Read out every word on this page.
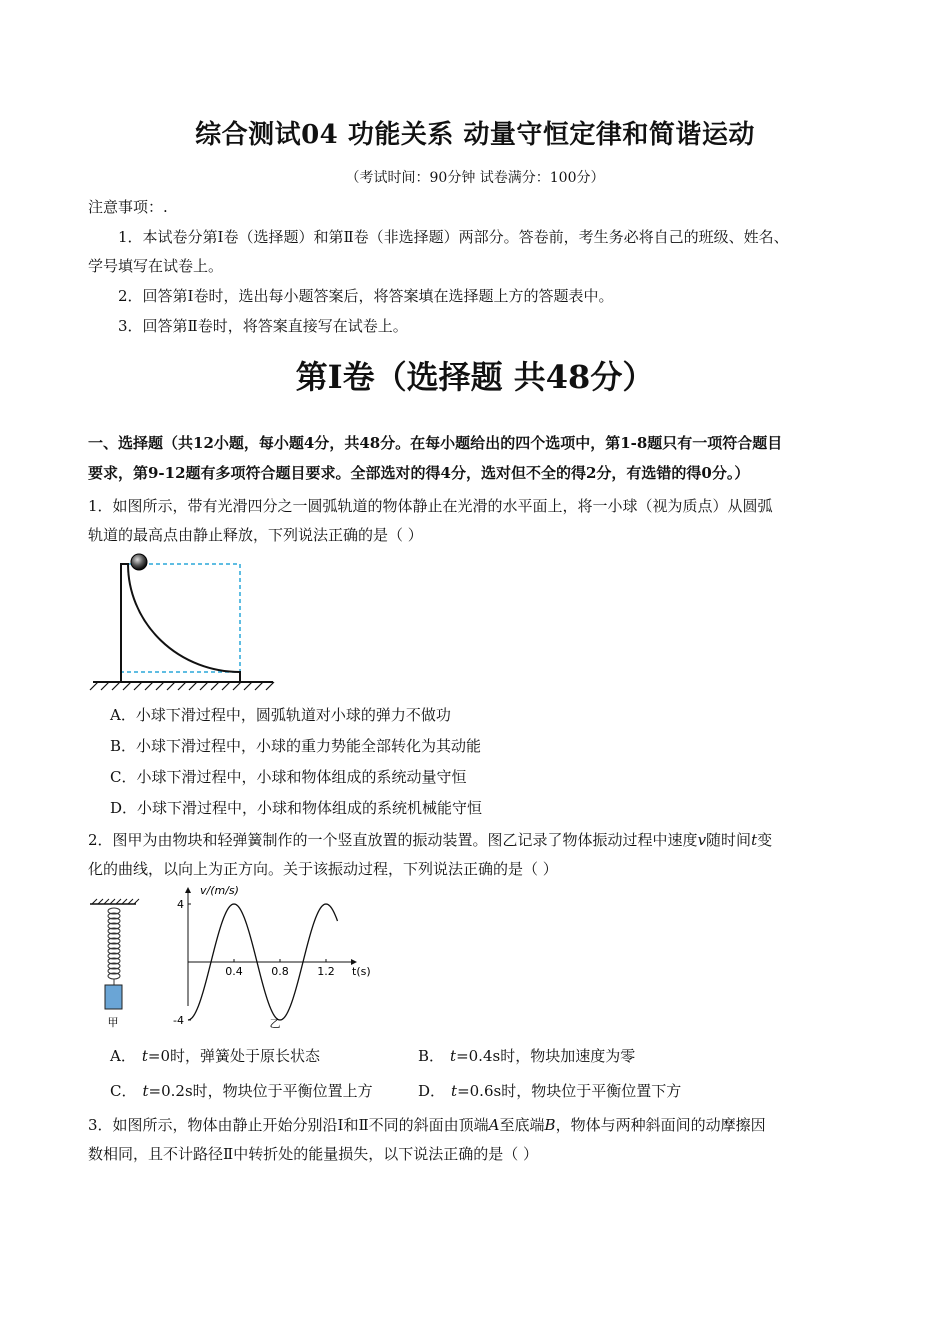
综合测试04 功能关系 动量守恒定律和简谐运动
（考试时间：90分钟 试卷满分：100分）
注意事项：.
1．本试卷分第Ⅰ卷（选择题）和第Ⅱ卷（非选择题）两部分。答卷前，考生务必将自己的班级、姓名、
学号填写在试卷上。
2．回答第Ⅰ卷时，选出每小题答案后，将答案填在选择题上方的答题表中。
3．回答第Ⅱ卷时，将答案直接写在试卷上。
第Ⅰ卷（选择题 共48分）
一、选择题（共12小题，每小题4分，共48分。在每小题给出的四个选项中，第1-8题只有一项符合题目
要求，第9-12题有多项符合题目要求。全部选对的得4分，选对但不全的得2分，有选错的得0分。）
1．如图所示，带有光滑四分之一圆弧轨道的物体静止在光滑的水平面上，将一小球（视为质点）从圆弧
轨道的最高点由静止释放，下列说法正确的是（ ）
A．小球下滑过程中，圆弧轨道对小球的弹力不做功
B．小球下滑过程中，小球的重力势能全部转化为其动能
C．小球下滑过程中，小球和物体组成的系统动量守恒
D．小球下滑过程中，小球和物体组成的系统机械能守恒
2．图甲为由物块和轻弹簧制作的一个竖直放置的振动装置。图乙记录了物体振动过程中速度v随时间t变
化的曲线，以向上为正方向。关于该振动过程，下列说法正确的是（ ）
甲
v/(m/s)
t(s)
0.4	0.8	1.2
4
-4	乙
A． t=0时，弹簧处于原长状态	B． t=0.4s时，物块加速度为零
C． t=0.2s时，物块位于平衡位置上方	D． t=0.6s时，物块位于平衡位置下方
3．如图所示，物体由静止开始分别沿Ⅰ和Ⅱ不同的斜面由顶端A至底端B，物体与两种斜面间的动摩擦因
数相同，且不计路径Ⅱ中转折处的能量损失，以下说法正确的是（ ）
